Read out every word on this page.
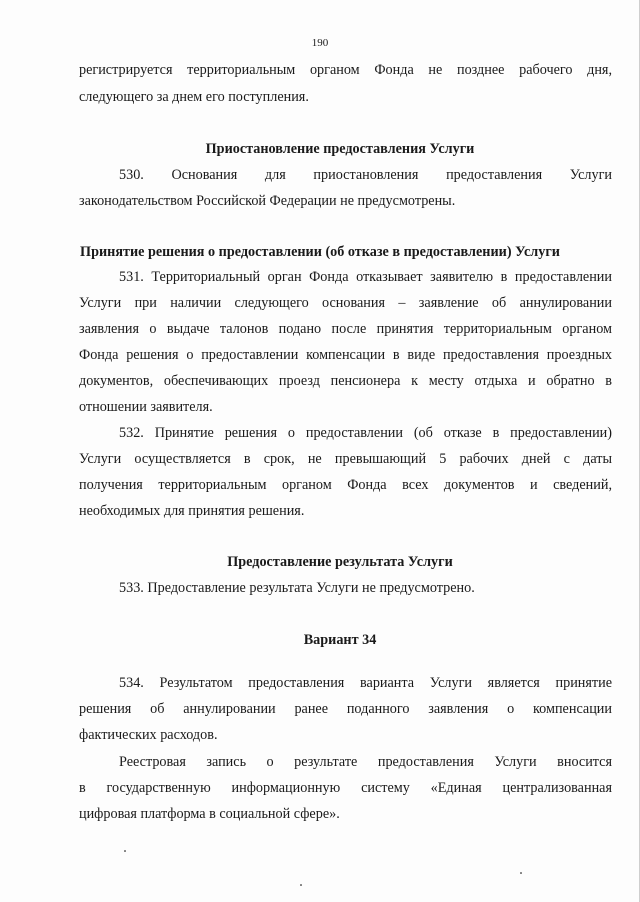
190
регистрируется территориальным органом Фонда не позднее рабочего дня,
следующего за днем его поступления.
Приостановление предоставления Услуги
530. Основания для приостановления предоставления Услуги
законодательством Российской Федерации не предусмотрены.
Принятие решения о предоставлении (об отказе в предоставлении) Услуги
531. Территориальный орган Фонда отказывает заявителю в предоставлении
Услуги при наличии следующего основания – заявление об аннулировании
заявления о выдаче талонов подано после принятия территориальным органом
Фонда решения о предоставлении компенсации в виде предоставления проездных
документов, обеспечивающих проезд пенсионера к месту отдыха и обратно в
отношении заявителя.
532. Принятие решения о предоставлении (об отказе в предоставлении)
Услуги осуществляется в срок, не превышающий 5 рабочих дней с даты
получения территориальным органом Фонда всех документов и сведений,
необходимых для принятия решения.
Предоставление результата Услуги
533. Предоставление результата Услуги не предусмотрено.
Вариант 34
534. Результатом предоставления варианта Услуги является принятие
решения об аннулировании ранее поданного заявления о компенсации
фактических расходов.
Реестровая запись о результате предоставления Услуги вносится
в государственную информационную систему «Единая централизованная
цифровая платформа в социальной сфере».
